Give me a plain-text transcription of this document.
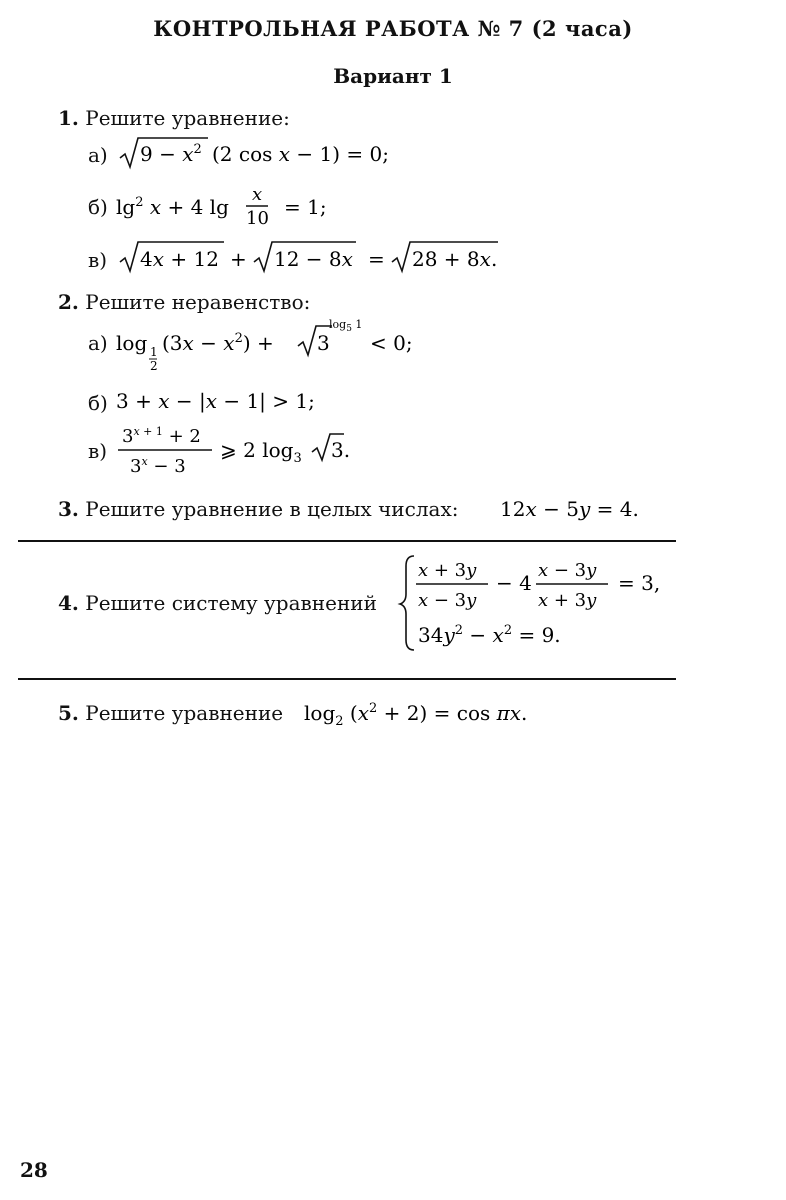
КОНТРОЛЬНАЯ РАБОТА № 7 (2 часа)
Вариант 1
1. Решите уравнение:
а) $9 - x^2$ (2 cos x − 1) = 0;
б) $\lg^2 x + 4$ lg
x
10 = 1;
в) 4x + 12 + 12 − 8x = 28 + 8x.
2. Решите неравенство:
а) log 1
2
$(3x - x^2) + 3$
$\log_5 1$
< 0;
б) 3 + x − |x − 1| > 1;
в)
$3^x + 1 + 2$
$3^x - 3$
⩾ 2 $\log_3 3$.
3. Решите уравнение в целых числах: 12x − 5y = 4.
4. Решите систему уравнений
x + 3y
x − 3y
− 4
x − 3y
x + 3y
= 3,
$34y^2 - x^2 = 9$.
5. Решите уравнение $\log_2 (x^2 + 2) = \cos \pi x$.
28
